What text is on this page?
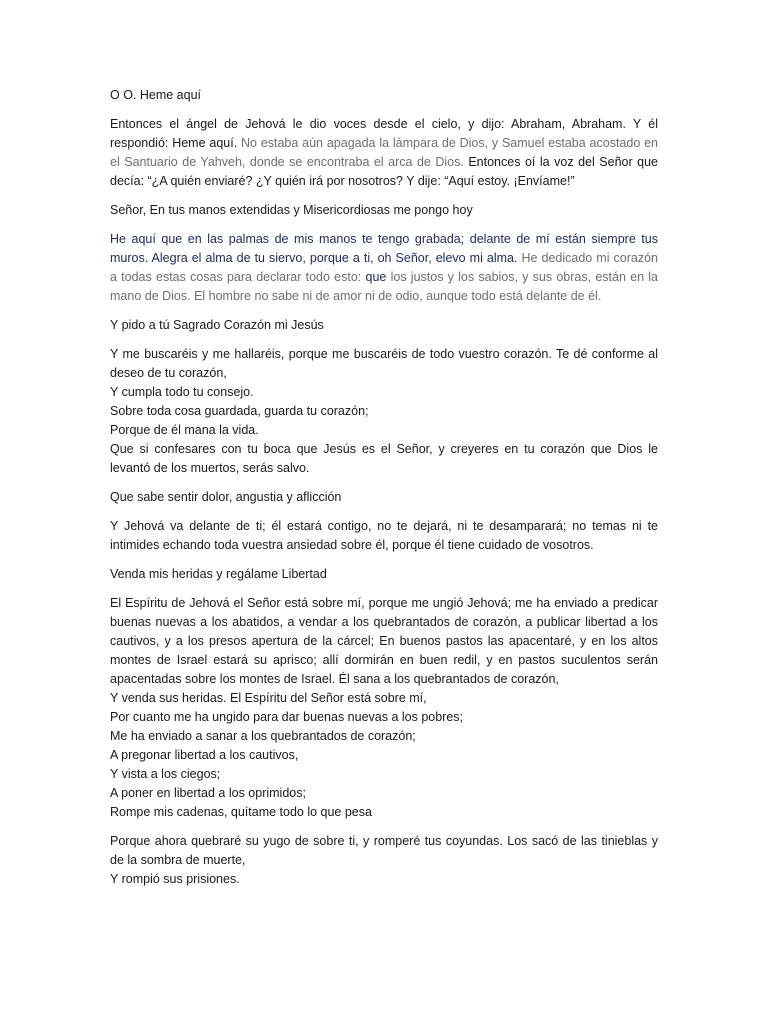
O O. Heme aquí

Entonces el ángel de Jehová le dio voces desde el cielo, y dijo: Abraham, Abraham. Y él respondió: Heme aquí. No estaba aún apagada la lámpara de Dios, y Samuel estaba acostado en el Santuario de Yahveh, donde se encontraba el arca de Dios. Entonces oí la voz del Señor que decía: “¿A quién enviaré? ¿Y quién irá por nosotros? Y dije: “Aquí estoy. ¡Envíame!”

Señor, En tus manos extendidas y Misericordiosas me pongo hoy

He aquí que en las palmas de mis manos te tengo grabada; delante de mí están siempre tus muros. Alegra el alma de tu siervo, porque a ti, oh Señor, elevo mi alma. He dedicado mi corazón a todas estas cosas para declarar todo esto: que los justos y los sabios, y sus obras, están en la mano de Dios. El hombre no sabe ni de amor ni de odio, aunque todo está delante de él.

Y pido a tú Sagrado Corazón mi Jesús

Y me buscaréis y me hallaréis, porque me buscaréis de todo vuestro corazón. Te dé conforme al deseo de tu corazón,
Y cumpla todo tu consejo.
Sobre toda cosa guardada, guarda tu corazón;
Porque de él mana la vida.
Que si confesares con tu boca que Jesús es el Señor, y creyeres en tu corazón que Dios le levantó de los muertos, serás salvo.

Que sabe sentir dolor, angustia y aflicción

Y Jehová va delante de ti; él estará contigo, no te dejará, ni te desamparará; no temas ni te intimides echando toda vuestra ansiedad sobre él, porque él tiene cuidado de vosotros.

Venda mis heridas y regálame Libertad

El Espíritu de Jehová el Señor está sobre mí, porque me ungió Jehová; me ha enviado a predicar buenas nuevas a los abatidos, a vendar a los quebrantados de corazón, a publicar libertad a los cautivos, y a los presos apertura de la cárcel; En buenos pastos las apacentaré, y en los altos montes de Israel estará su aprisco; allí dormirán en buen redil, y en pastos suculentos serán apacentadas sobre los montes de Israel. Él sana a los quebrantados de corazón,
Y venda sus heridas. El Espíritu del Señor está sobre mí,
Por cuanto me ha ungido para dar buenas nuevas a los pobres;
Me ha enviado a sanar a los quebrantados de corazón;
A pregonar libertad a los cautivos,
Y vista a los ciegos;
A poner en libertad a los oprimidos;
Rompe mis cadenas, quítame todo lo que pesa

Porque ahora quebraré su yugo de sobre ti, y romperé tus coyundas. Los sacó de las tinieblas y de la sombra de muerte,
Y rompió sus prisiones.
